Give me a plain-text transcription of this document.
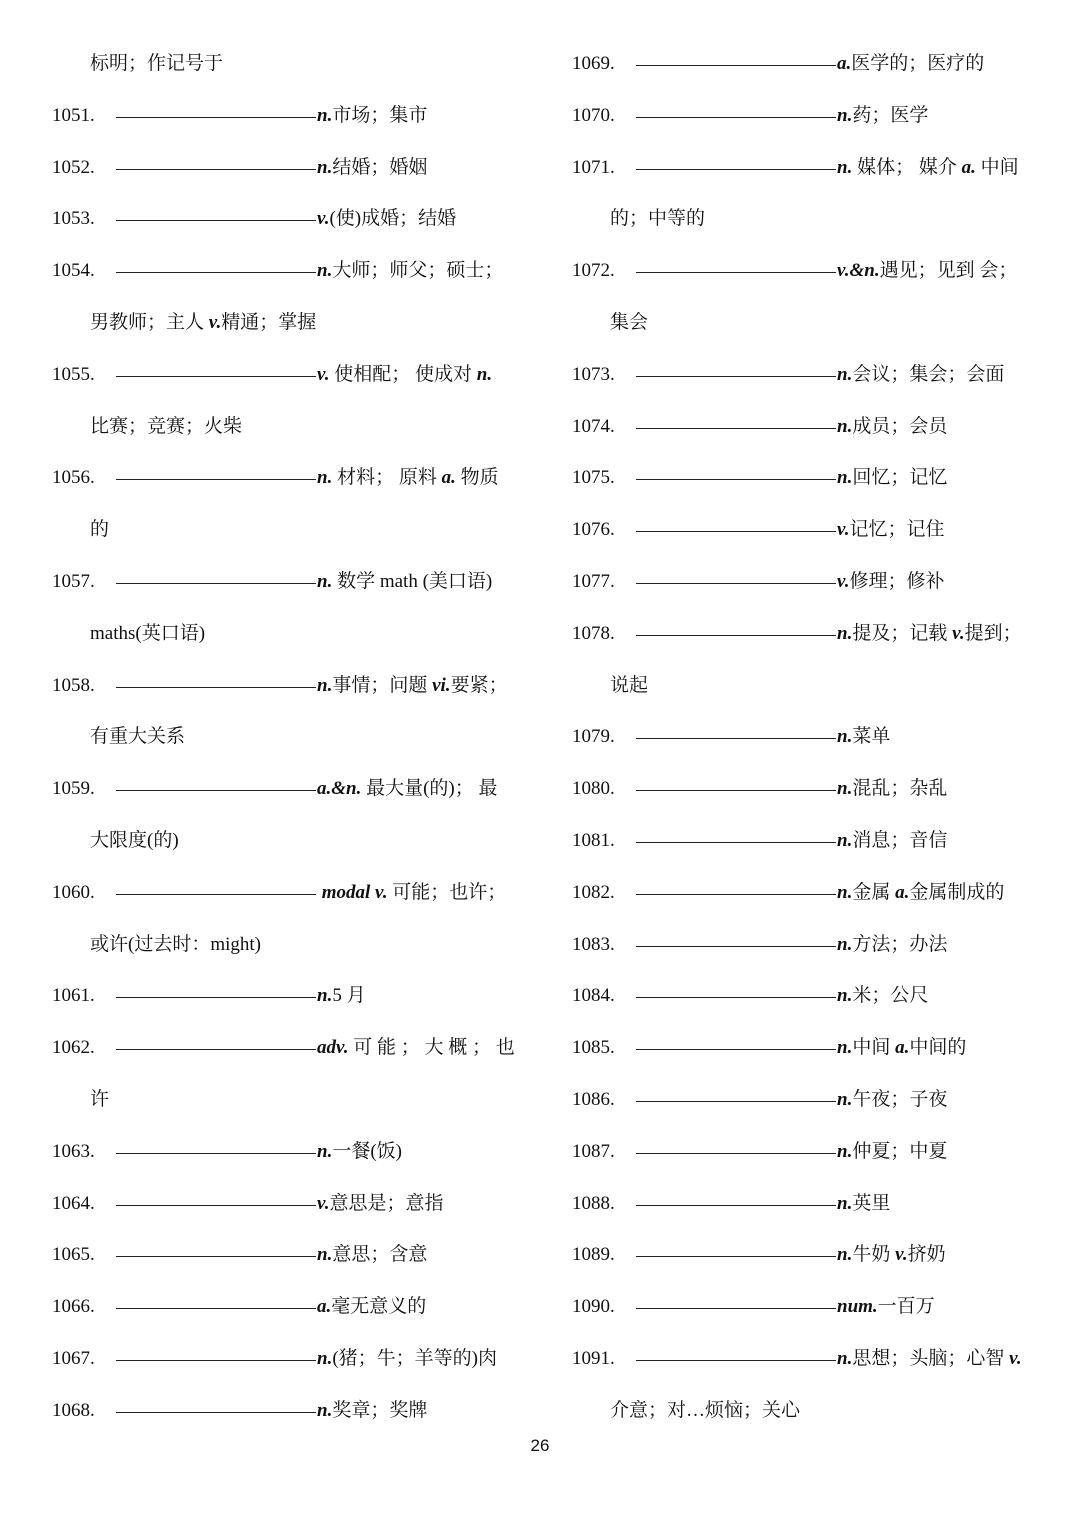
标明；作记号于
1051.	n.市场；集市
1052.	n.结婚；婚姻
1053.	v.(使)成婚；结婚
1054.	n.大师；师父；硕士；
男教师；主人 v.精通；掌握
1055.	v. 使相配； 使成对 n.
比赛；竞赛；火柴
1056.	n. 材料； 原料 a. 物质
的
1057.	n. 数学 math (美口语)
maths(英口语)
1058.	n.事情；问题 vi.要紧；
有重大关系
1059.	a.&n. 最大量(的)； 最
大限度(的)
1060.	modal v. 可能；也许；
或许(过去时：might)
1061.	n.5 月
1062.	adv. 可 能 ； 大 概 ； 也
许
1063.	n.一餐(饭)
1064.	v.意思是；意指
1065.	n.意思；含意
1066.	a.毫无意义的
1067.	n.(猪；牛；羊等的)肉
1068.	n.奖章；奖牌
1069.	a.医学的；医疗的
1070.	n.药；医学
1071.	n. 媒体； 媒介 a. 中间
的；中等的
1072.	v.&n.遇见；见到 会；
集会
1073.	n.会议；集会；会面
1074.	n.成员；会员
1075.	n.回忆；记忆
1076.	v.记忆；记住
1077.	v.修理；修补
1078.	n.提及；记载 v.提到；
说起
1079.	n.菜单
1080.	n.混乱；杂乱
1081.	n.消息；音信
1082.	n.金属 a.金属制成的
1083.	n.方法；办法
1084.	n.米；公尺
1085.	n.中间 a.中间的
1086.	n.午夜；子夜
1087.	n.仲夏；中夏
1088.	n.英里
1089.	n.牛奶 v.挤奶
1090.	num.一百万
1091.	n.思想；头脑；心智 v.
介意；对…烦恼；关心
26
